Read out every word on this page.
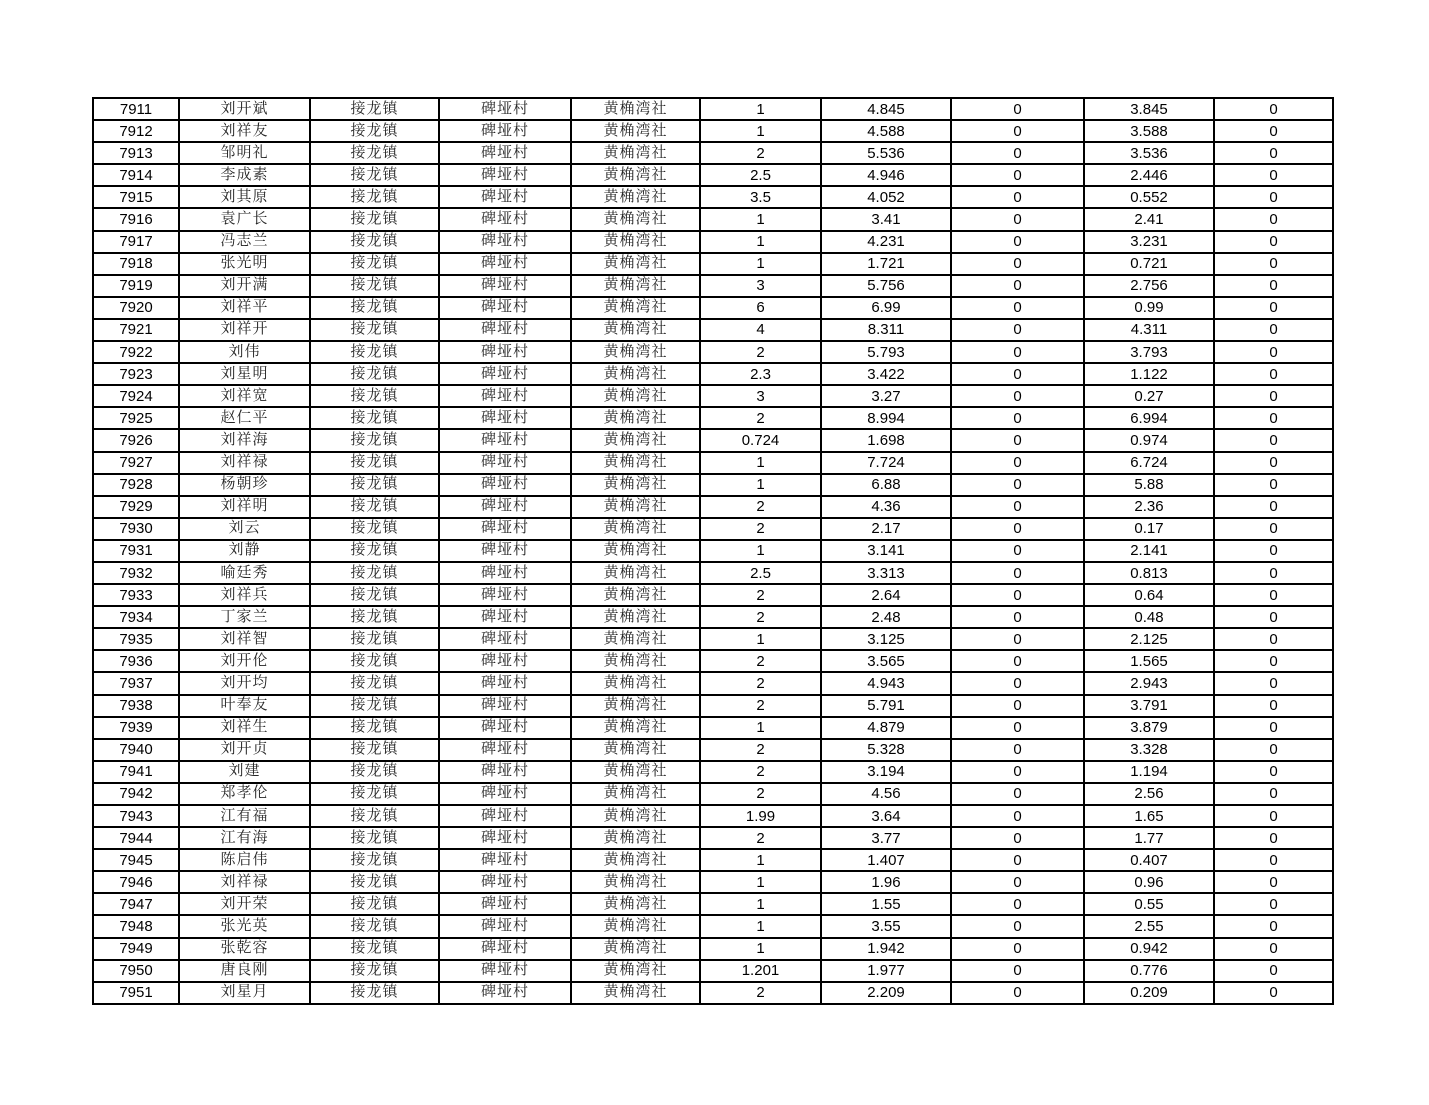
7911	刘开斌	接龙镇	碑垭村	黄桷湾社	1	4.845	0	3.845	0
7912	刘祥友	接龙镇	碑垭村	黄桷湾社	1	4.588	0	3.588	0
7913	邹明礼	接龙镇	碑垭村	黄桷湾社	2	5.536	0	3.536	0
7914	李成素	接龙镇	碑垭村	黄桷湾社	2.5	4.946	0	2.446	0
7915	刘其原	接龙镇	碑垭村	黄桷湾社	3.5	4.052	0	0.552	0
7916	袁广长	接龙镇	碑垭村	黄桷湾社	1	3.41	0	2.41	0
7917	冯志兰	接龙镇	碑垭村	黄桷湾社	1	4.231	0	3.231	0
7918	张光明	接龙镇	碑垭村	黄桷湾社	1	1.721	0	0.721	0
7919	刘开满	接龙镇	碑垭村	黄桷湾社	3	5.756	0	2.756	0
7920	刘祥平	接龙镇	碑垭村	黄桷湾社	6	6.99	0	0.99	0
7921	刘祥开	接龙镇	碑垭村	黄桷湾社	4	8.311	0	4.311	0
7922	刘伟	接龙镇	碑垭村	黄桷湾社	2	5.793	0	3.793	0
7923	刘星明	接龙镇	碑垭村	黄桷湾社	2.3	3.422	0	1.122	0
7924	刘祥宽	接龙镇	碑垭村	黄桷湾社	3	3.27	0	0.27	0
7925	赵仁平	接龙镇	碑垭村	黄桷湾社	2	8.994	0	6.994	0
7926	刘祥海	接龙镇	碑垭村	黄桷湾社	0.724	1.698	0	0.974	0
7927	刘祥禄	接龙镇	碑垭村	黄桷湾社	1	7.724	0	6.724	0
7928	杨朝珍	接龙镇	碑垭村	黄桷湾社	1	6.88	0	5.88	0
7929	刘祥明	接龙镇	碑垭村	黄桷湾社	2	4.36	0	2.36	0
7930	刘云	接龙镇	碑垭村	黄桷湾社	2	2.17	0	0.17	0
7931	刘静	接龙镇	碑垭村	黄桷湾社	1	3.141	0	2.141	0
7932	喻廷秀	接龙镇	碑垭村	黄桷湾社	2.5	3.313	0	0.813	0
7933	刘祥兵	接龙镇	碑垭村	黄桷湾社	2	2.64	0	0.64	0
7934	丁家兰	接龙镇	碑垭村	黄桷湾社	2	2.48	0	0.48	0
7935	刘祥智	接龙镇	碑垭村	黄桷湾社	1	3.125	0	2.125	0
7936	刘开伦	接龙镇	碑垭村	黄桷湾社	2	3.565	0	1.565	0
7937	刘开均	接龙镇	碑垭村	黄桷湾社	2	4.943	0	2.943	0
7938	叶奉友	接龙镇	碑垭村	黄桷湾社	2	5.791	0	3.791	0
7939	刘祥生	接龙镇	碑垭村	黄桷湾社	1	4.879	0	3.879	0
7940	刘开贞	接龙镇	碑垭村	黄桷湾社	2	5.328	0	3.328	0
7941	刘建	接龙镇	碑垭村	黄桷湾社	2	3.194	0	1.194	0
7942	郑孝伦	接龙镇	碑垭村	黄桷湾社	2	4.56	0	2.56	0
7943	江有福	接龙镇	碑垭村	黄桷湾社	1.99	3.64	0	1.65	0
7944	江有海	接龙镇	碑垭村	黄桷湾社	2	3.77	0	1.77	0
7945	陈启伟	接龙镇	碑垭村	黄桷湾社	1	1.407	0	0.407	0
7946	刘祥禄	接龙镇	碑垭村	黄桷湾社	1	1.96	0	0.96	0
7947	刘开荣	接龙镇	碑垭村	黄桷湾社	1	1.55	0	0.55	0
7948	张光英	接龙镇	碑垭村	黄桷湾社	1	3.55	0	2.55	0
7949	张乾容	接龙镇	碑垭村	黄桷湾社	1	1.942	0	0.942	0
7950	唐良刚	接龙镇	碑垭村	黄桷湾社	1.201	1.977	0	0.776	0
7951	刘星月	接龙镇	碑垭村	黄桷湾社	2	2.209	0	0.209	0
